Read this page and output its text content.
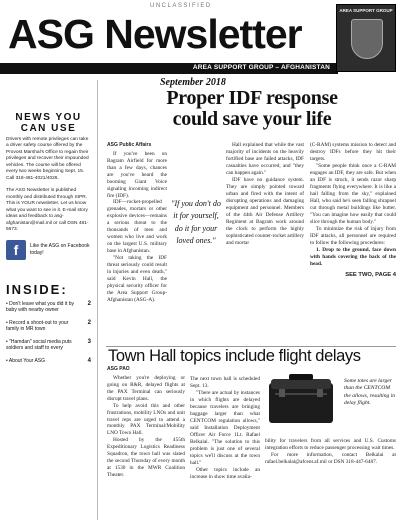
UNCLASSIFIED
ASG Newsletter
AREA SUPPORT GROUP – AFGHANISTAN
AREA SUPPORT GROUP
NEWS YOU
CAN USE

Drivers with remote privileges can take a driver safety course offered by the Provost Marshal's Office to regain their privileges and recover their impounded vehicles. The course will be offered every two weeks beginning Sept. 15. Call 318-481-4021/4026.

The ASG Newsletter is published monthly and distributed through SIPR. This is YOUR newsletter. Let us know what you want to see in it. E-mail story ideas and feedback to asg-afghanistan@mail.mil or call DSN 481-6673.

f	Like the ASG on Facebook today!
INSIDE:
• Don't leave what you did it by baby with nearby owner
2
• Record a shoot-out to your family in MR town
2
• "Hamdan" social media puts soldiers and staff to every
3
• About Your ASG	4
September 2018
Proper IDF response
could save your life
ASG Public Affairs

If you've been on Bagram Airfield for more than a few days, chances are you've heard the booming Giant Voice signaling incoming indirect fire (IDF).

IDF—rocket-propelled grenades, mortars or other explosive devices—remains a serious threat to the thousands of men and women who live and work on the largest U.S. military base in Afghanistan.

"Not taking the IDF threat seriously could result in injuries and even death," said Kevin Hall, the physical security officer for the Area Support Group-Afghanistan (ASG-A).

"If you don't do it for yourself, do it for your loved ones."

Hall explained that while the vast majority of incidents on the heavily fortified base are failed attacks, IDF casualties have occurred, and "they can happen again."

IDF have no guidance system. They are simply pointed toward urban and fired with the intent of disrupting operations and damaging equipment and personnel. Members of the 44th Air Defense Artillery Regiment at Bagram work around the clock to perform the highly sophisticated counter-rocket artillery and mortar

(C-RAM) systems mission to detect and destroy IDFs before they hit their targets.

"Some people think once a C-RAM engages an IDF, they are safe. But when an IDF is struck, it sends razor sharp fragments flying everywhere. It is like a hail falling from the sky," explained Hall, who said he's seen falling shrapnel cut through metal buildings like butter. "You can imagine how easily that could slice through the human body."

To minimize the risk of injury from IDF attacks, all personnel are required to follow the following procedures:

1. Drop to the ground, face down with hands covering the back of the head.

SEE TWO, PAGE 4
Town Hall topics include flight delays
ASG PAO

Whether you're deploying or going on R&R, delayed flights at the PAX Terminal can seriously disrupt travel plans.

To help avoid this and other frustrations, mobility LNOs and unit travel reps are urged to attend a monthly PAX Terminal/Mobility LNO Town Hall.

Hosted by the 455th Expeditionary Logistics Readiness Squadron, the town hall was slated the second Thursday of every month at 1530 in the MWR Coalition Theater.

The next town hall is scheduled Sept. 13.

"There are actual by instances in which flights are delayed because travelers are bringing baggage larger than what CENTCOM regulation allows," said Installation Deployment Officer Air Force 1Lt. Rafael Belkalai. "The solution to this problem is just one of several topics we'll discuss at the town hall."

Other topics include an increase in show time availa-

Some totes are larger than the CENTCOM the allows, resulting in delay flight.

bility for travelers from all services and U.S. Customs integration efforts to reduce passenger processing wait times.

For more information, contact Belkalai at rafael.belkalai@afcent.af.mil or DSN 318-447-6487.
